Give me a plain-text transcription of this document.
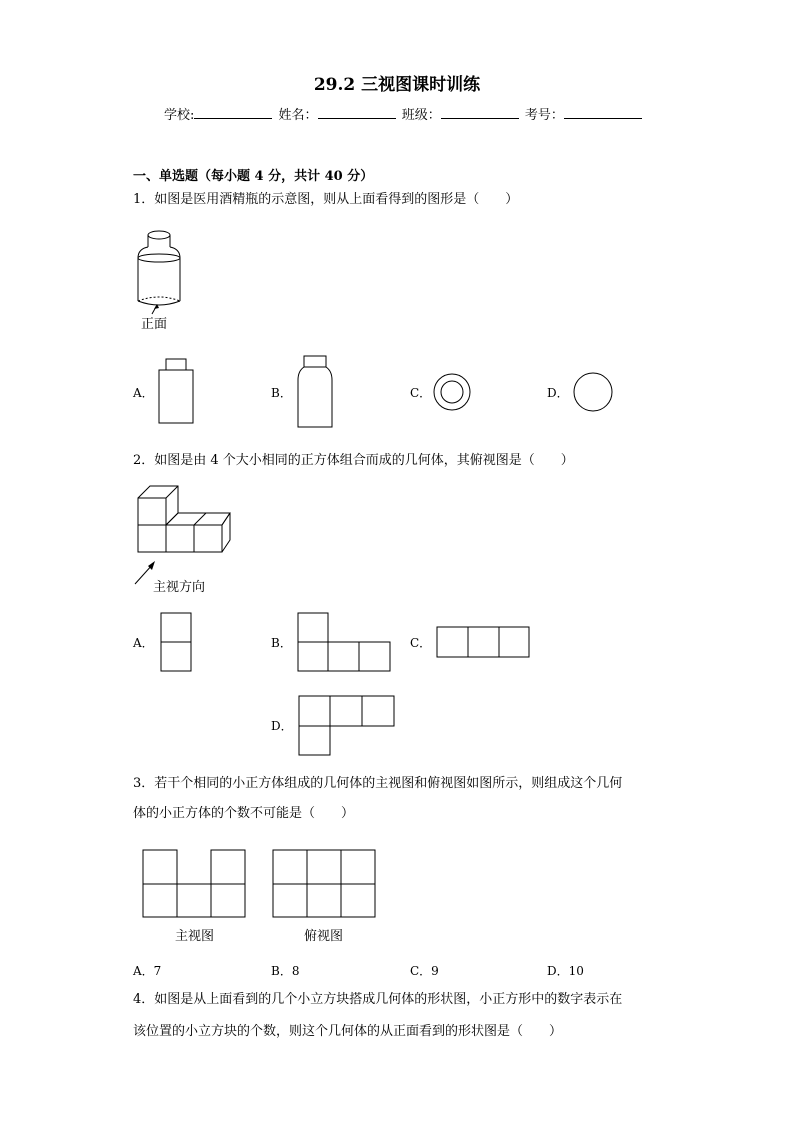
29.2 三视图课时训练
学校:	姓名：	班级：	考号：
一、单选题（每小题 4 分，共计 40 分）
1．如图是医用酒精瓶的示意图，则从上面看得到的图形是（　　）
正面
A．	B．	C．	D．
2．如图是由 4 个大小相同的正方体组合而成的几何体，其俯视图是（　　）
主视方向
A．	B．	C．
D．
3．若干个相同的小正方体组成的几何体的主视图和俯视图如图所示，则组成这个几何
体的小正方体的个数不可能是（　　）
主视图	俯视图
A．7	B．8	C．9	D．10
4．如图是从上面看到的几个小立方块搭成几何体的形状图，小正方形中的数字表示在
该位置的小立方块的个数，则这个几何体的从正面看到的形状图是（　　）
